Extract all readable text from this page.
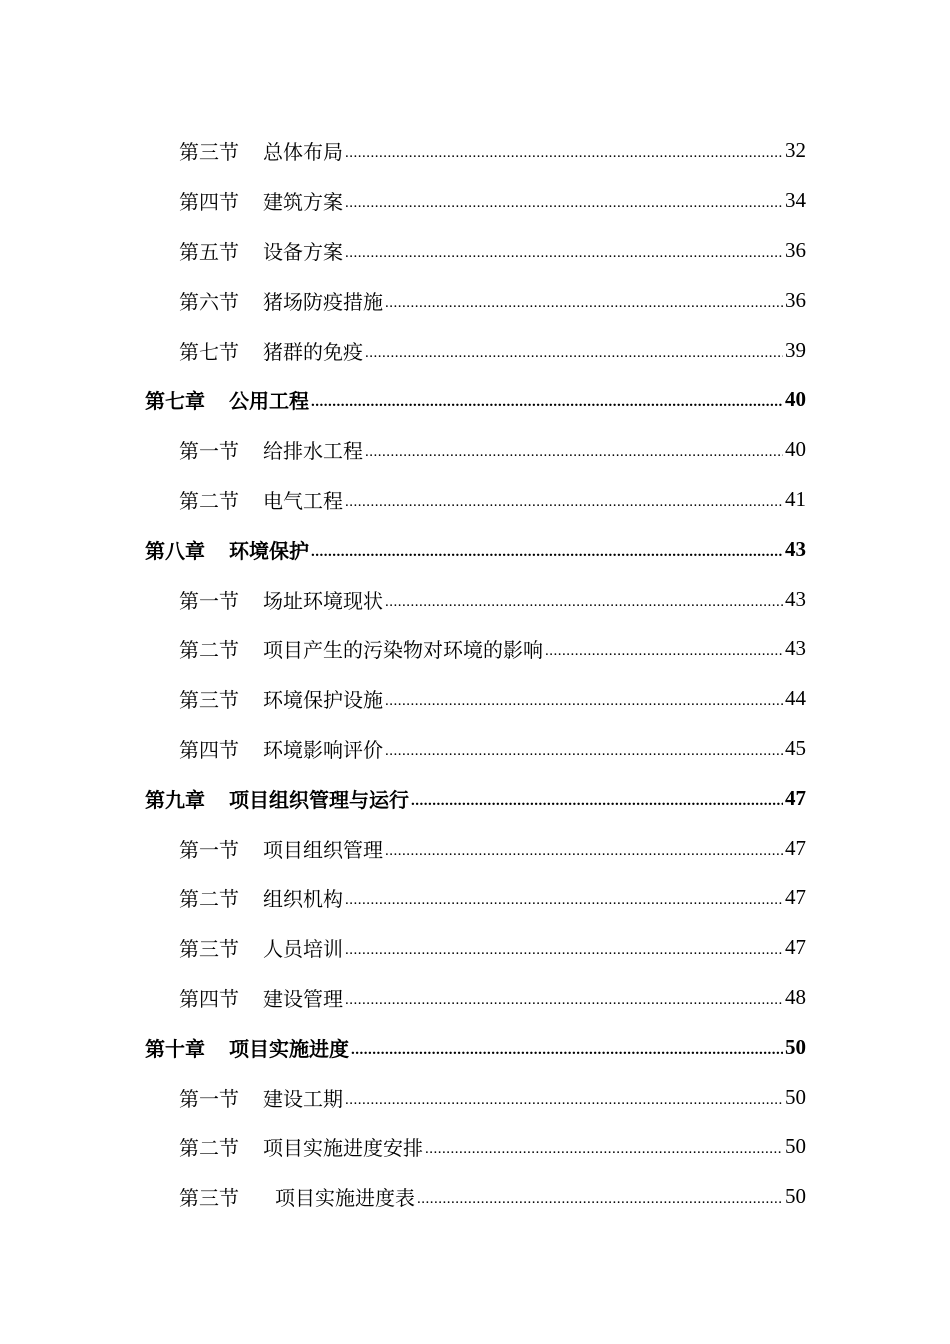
第三节 总体布局 .....	32
第四节 建筑方案 .....	34
第五节 设备方案 .....	36
第六节 猪场防疫措施 .....	36
第七节 猪群的免疫 .....	39
第七章 公用工程 .....	40
第一节 给排水工程 .....	40
第二节 电气工程 .....	41
第八章 环境保护 .....	43
第一节 场址环境现状 .....	43
第二节 项目产生的污染物对环境的影响 .....	43
第三节 环境保护设施 .....	44
第四节 环境影响评价 .....	45
第九章 项目组织管理与运行 .....	47
第一节 项目组织管理 .....	47
第二节 组织机构 .....	47
第三节 人员培训 .....	47
第四节 建设管理 .....	48
第十章 项目实施进度 .....	50
第一节 建设工期 .....	50
第二节 项目实施进度安排 .....	50
第三节 项目实施进度表 .....	50
